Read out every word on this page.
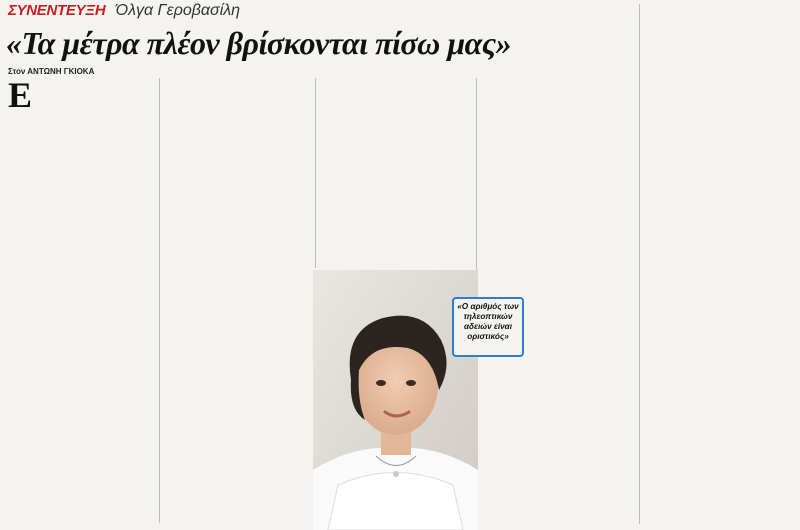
ΣΥΝΕΝΤΕΥΞΗ Όλγα Γεροβασίλη
«Τα μέτρα πλέον βρίσκονται πίσω μας»
Στον ΑΝΤΩΝΗ ΓΚΙΟΚΑ
Ε

«Ο αριθμός των τηλεοπτικών αδειών είναι οριστικός»
